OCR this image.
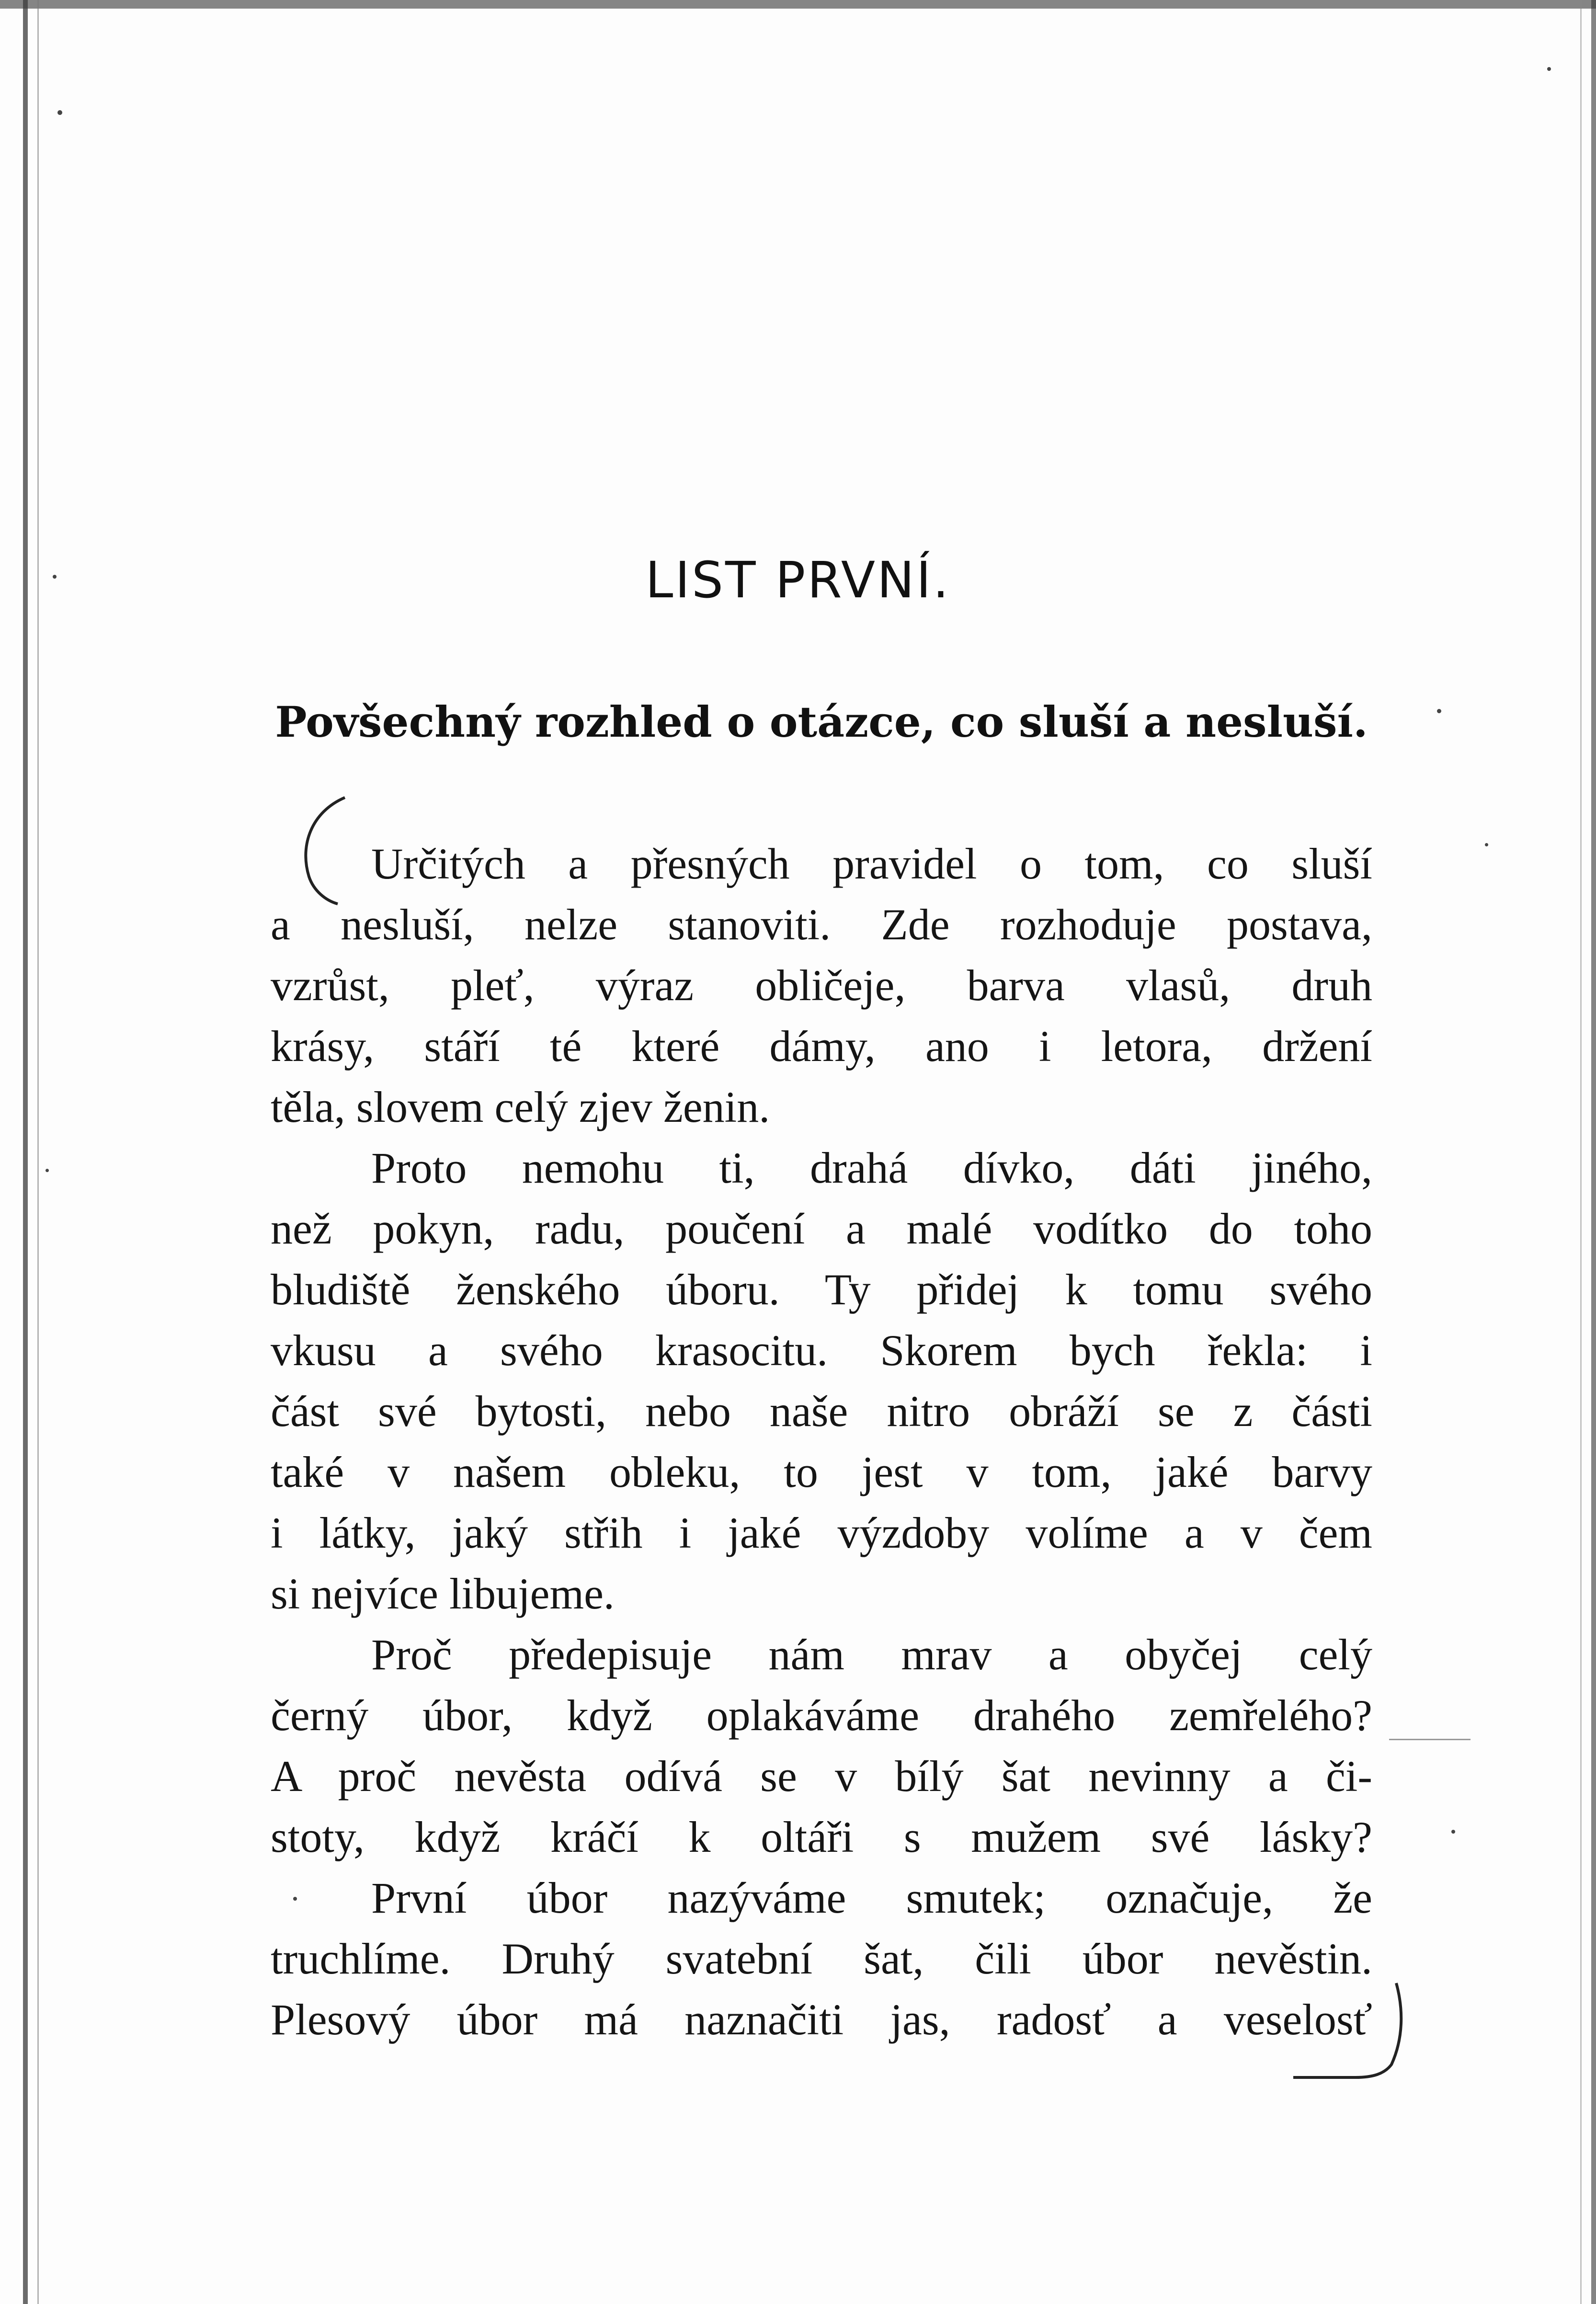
LIST PRVNÍ.
Povšechný rozhled o otázce, co sluší a nesluší.
Určitých a přesných pravidel o tom, co sluší
a nesluší, nelze stanoviti. Zde rozhoduje postava,
vzrůst, pleť, výraz obličeje, barva vlasů, druh
krásy, stáří té které dámy, ano i letora, držení
těla, slovem celý zjev ženin.
Proto nemohu ti, drahá dívko, dáti jiného,
než pokyn, radu, poučení a malé vodítko do toho
bludiště ženského úboru. Ty přidej k tomu svého
vkusu a svého krasocitu. Skorem bych řekla: i
část své bytosti, nebo naše nitro obráží se z části
také v našem obleku, to jest v tom, jaké barvy
i látky, jaký střih i jaké výzdoby volíme a v čem
si nejvíce libujeme.
Proč předepisuje nám mrav a obyčej celý
černý úbor, když oplakáváme drahého zemřelého?
A proč nevěsta odívá se v bílý šat nevinny a či-
stoty, když kráčí k oltáři s mužem své lásky?
První úbor nazýváme smutek; označuje, že
truchlíme. Druhý svatební šat, čili úbor nevěstin.
Plesový úbor má naznačiti jas, radosť a veselosť
